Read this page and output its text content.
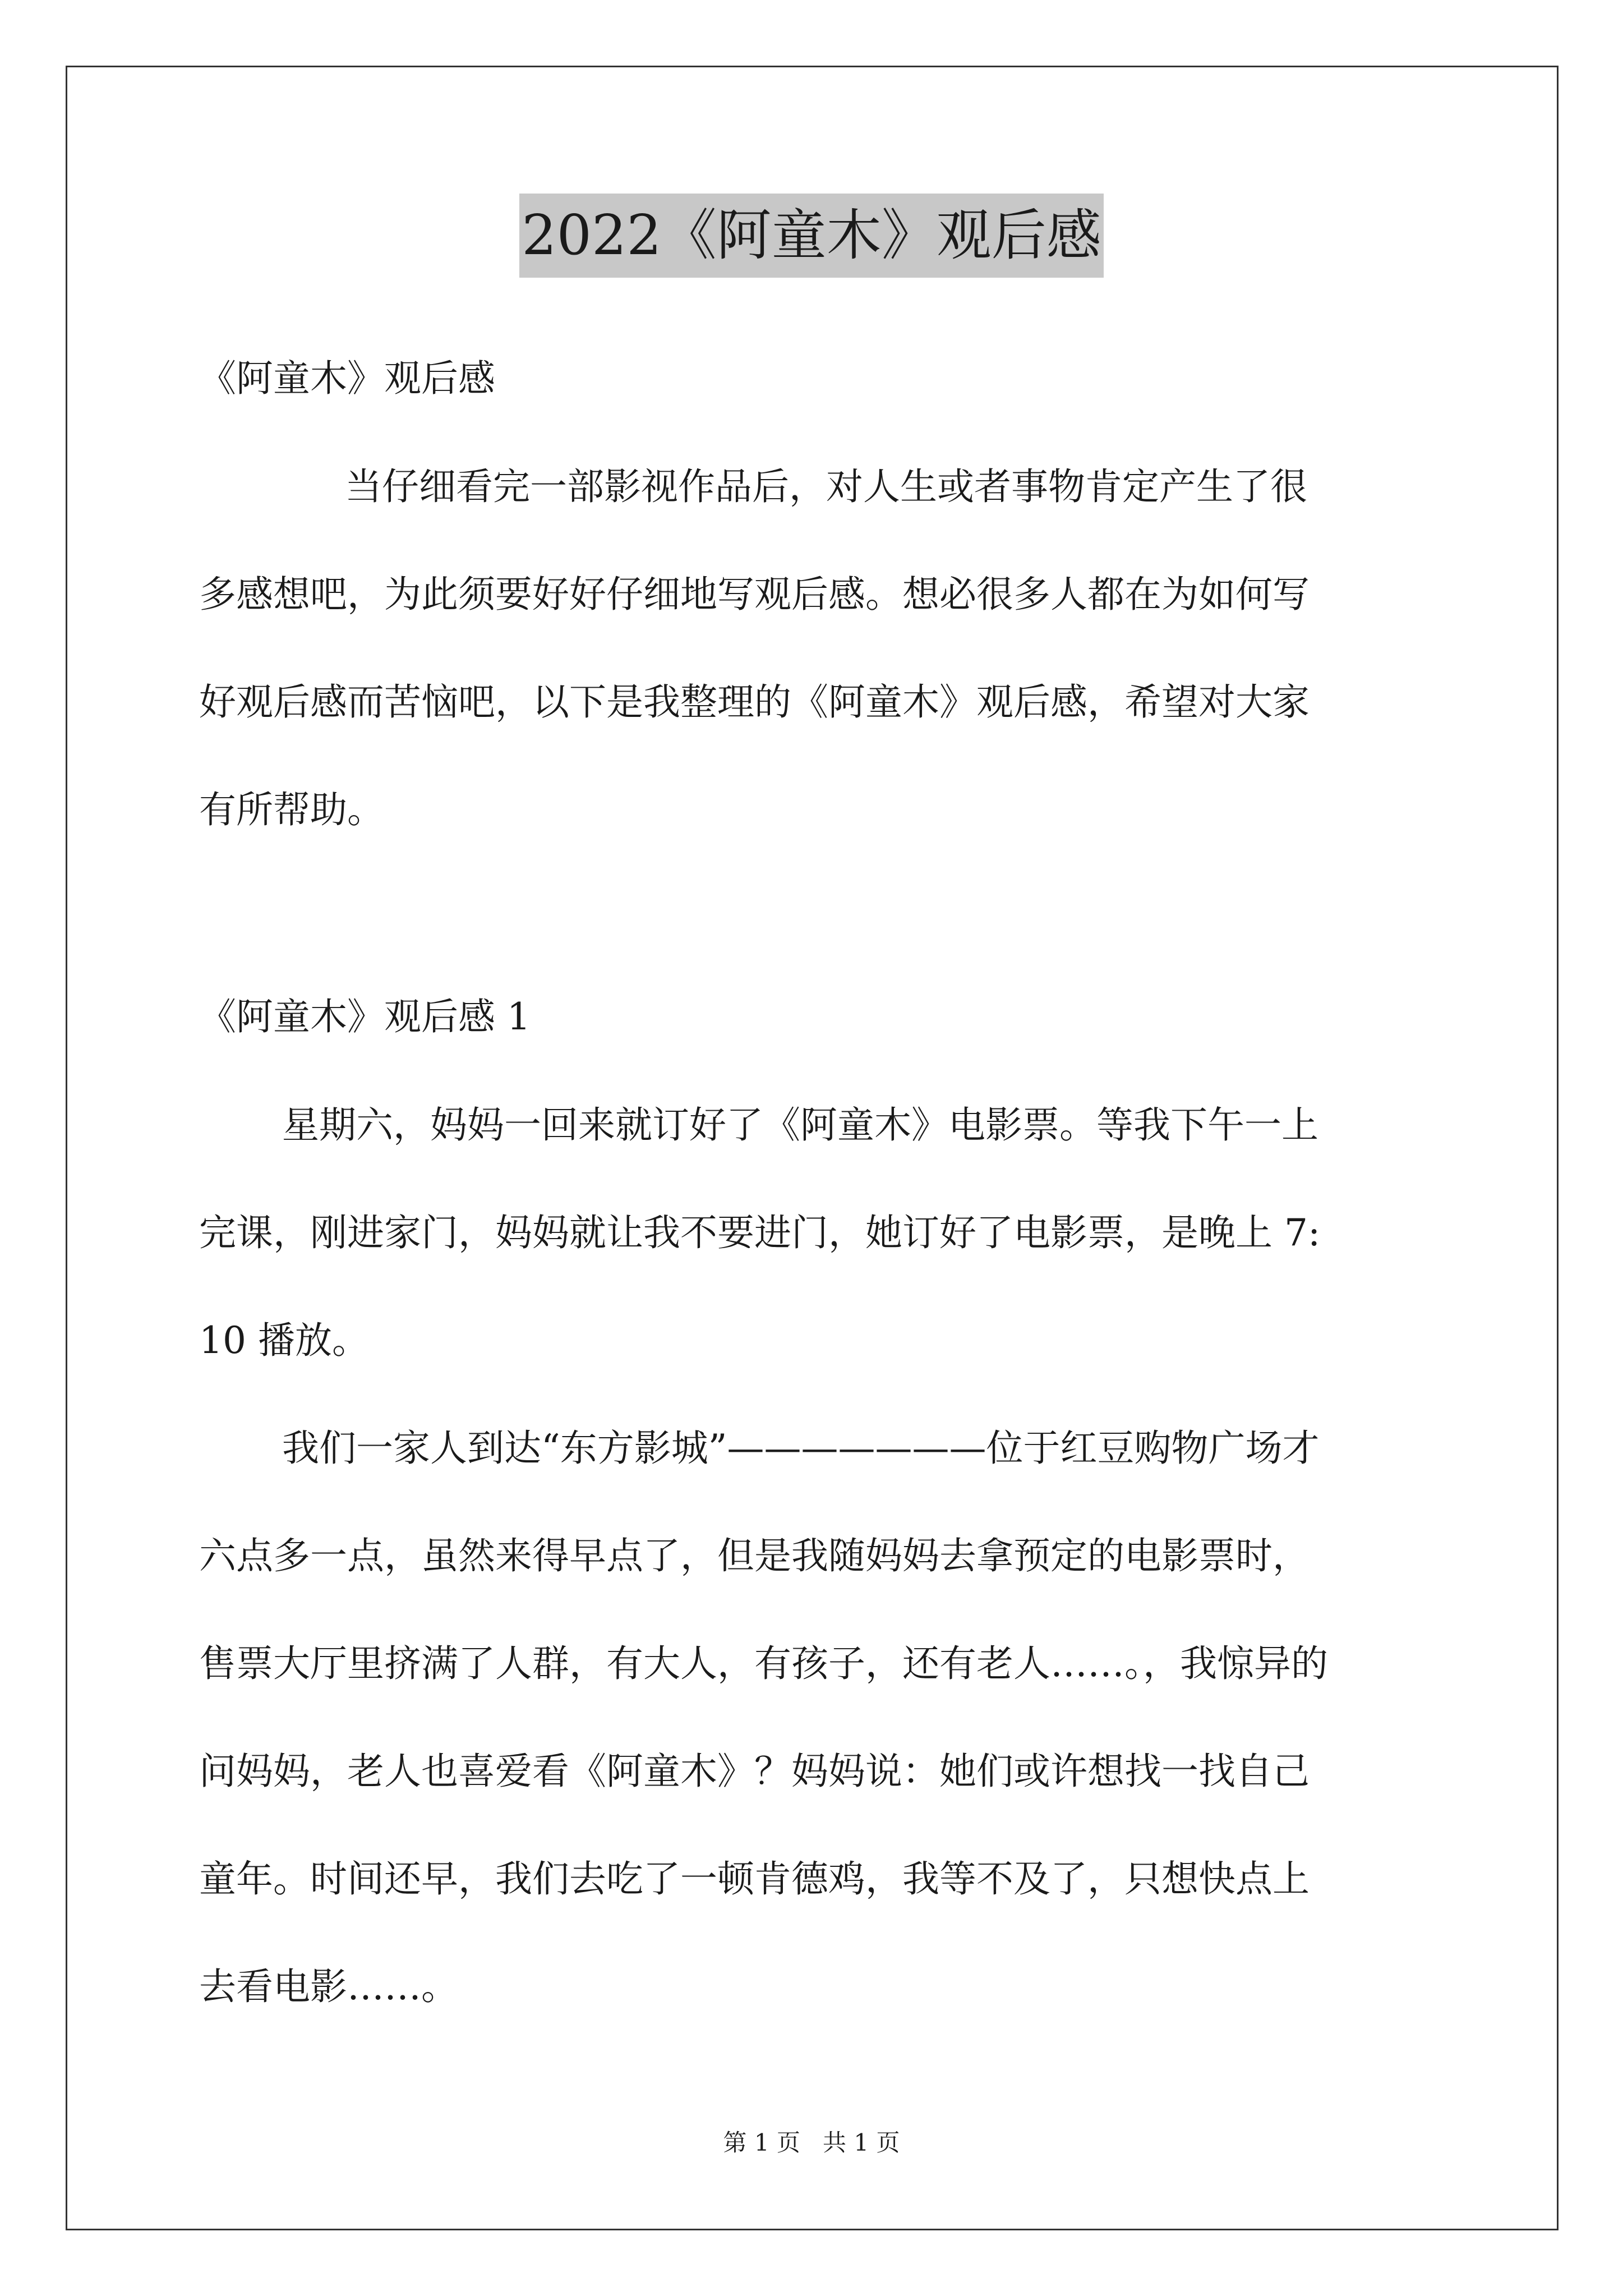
2022《阿童木》观后感

《阿童木》观后感

　　当仔细看完一部影视作品后，对人生或者事物肯定产生了很
多感想吧，为此须要好好仔细地写观后感。想必很多人都在为如何写
好观后感而苦恼吧，以下是我整理的《阿童木》观后感，希望对大家
有所帮助。

《阿童木》观后感 1

星期六，妈妈一回来就订好了《阿童木》电影票。等我下午一上
完课，刚进家门，妈妈就让我不要进门，她订好了电影票，是晚上 7:
10 播放。
我们一家人到达“东方影城”———————位于红豆购物广场才
六点多一点，虽然来得早点了，但是我随妈妈去拿预定的电影票时，
售票大厅里挤满了人群，有大人，有孩子，还有老人……。，我惊异的
问妈妈，老人也喜爱看《阿童木》？妈妈说：她们或许想找一找自己
童年。时间还早，我们去吃了一顿肯德鸡，我等不及了，只想快点上
去看电影……。
第 1 页   共 1 页
